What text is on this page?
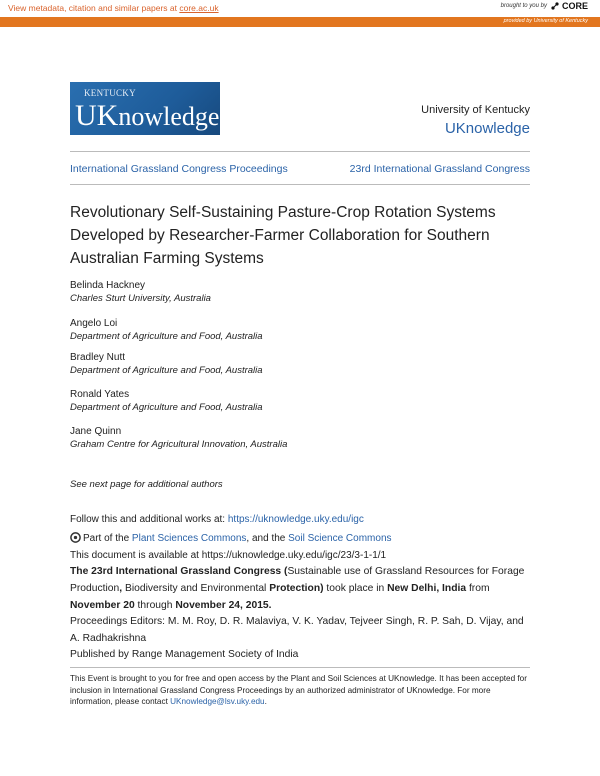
View metadata, citation and similar papers at core.ac.uk	brought to you by CORE
provided by University of Kentucky
KENTUCKY
UKnowledge	University of Kentucky
UKnowledge
International Grassland Congress Proceedings	23rd International Grassland Congress
Revolutionary Self-Sustaining Pasture-Crop Rotation Systems Developed by Researcher-Farmer Collaboration for Southern Australian Farming Systems
Belinda Hackney
Charles Sturt University, Australia
Angelo Loi
Department of Agriculture and Food, Australia
Bradley Nutt
Department of Agriculture and Food, Australia
Ronald Yates
Department of Agriculture and Food, Australia
Jane Quinn
Graham Centre for Agricultural Innovation, Australia
See next page for additional authors
Follow this and additional works at: https://uknowledge.uky.edu/igc
Part of the Plant Sciences Commons, and the Soil Science Commons
This document is available at https://uknowledge.uky.edu/igc/23/3-1-1/1
The 23rd International Grassland Congress (Sustainable use of Grassland Resources for Forage Production, Biodiversity and Environmental Protection) took place in New Delhi, India from November 20 through November 24, 2015.
Proceedings Editors: M. M. Roy, D. R. Malaviya, V. K. Yadav, Tejveer Singh, R. P. Sah, D. Vijay, and A. Radhakrishna
Published by Range Management Society of India
This Event is brought to you for free and open access by the Plant and Soil Sciences at UKnowledge. It has been accepted for inclusion in International Grassland Congress Proceedings by an authorized administrator of UKnowledge. For more information, please contact UKnowledge@lsv.uky.edu.
